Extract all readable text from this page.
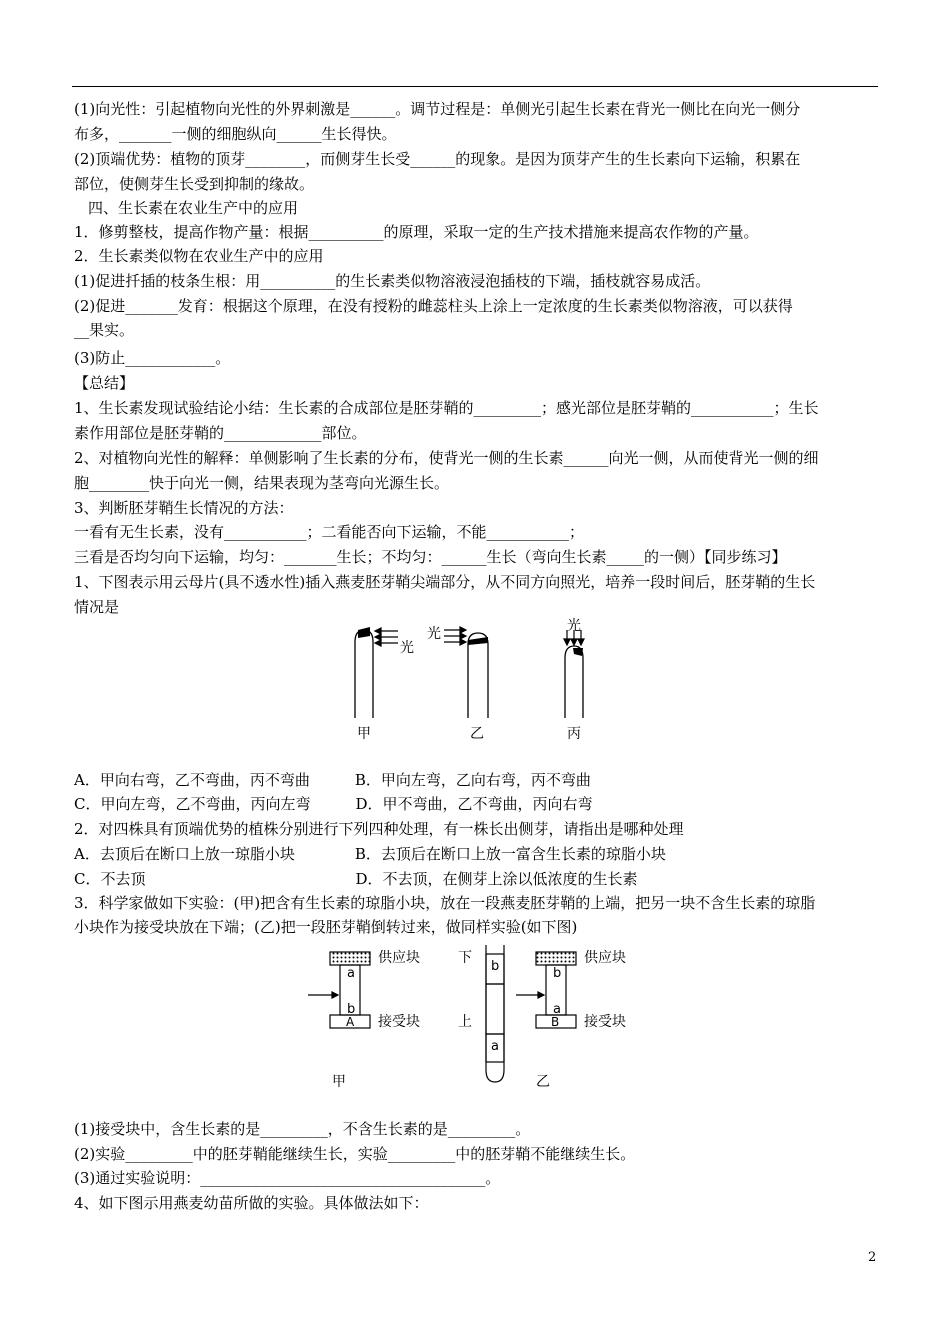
(1)向光性：引起植物向光性的外界刺激是______。调节过程是：单侧光引起生长素在背光一侧比在向光一侧分
布多，_______一侧的细胞纵向______生长得快。
(2)顶端优势：植物的顶芽________，而侧芽生长受______的现象。是因为顶芽产生的生长素向下运输，积累在
部位，使侧芽生长受到抑制的缘故。
四、生长素在农业生产中的应用
1．修剪整枝，提高作物产量：根据__________的原理，采取一定的生产技术措施来提高农作物的产量。
2．生长素类似物在农业生产中的应用
(1)促进扦插的枝条生根：用__________的生长素类似物溶液浸泡插枝的下端，插枝就容易成活。
(2)促进_______发育：根据这个原理，在没有授粉的雌蕊柱头上涂上一定浓度的生长素类似物溶液，可以获得
__果实。
(3)防止____________。
【总结】
1、生长素发现试验结论小结：生长素的合成部位是胚芽鞘的_________；感光部位是胚芽鞘的___________；生长
素作用部位是胚芽鞘的_____________部位。
2、对植物向光性的解释：单侧影响了生长素的分布，使背光一侧的生长素______向光一侧，从而使背光一侧的细
胞________快于向光一侧，结果表现为茎弯向光源生长。
3、判断胚芽鞘生长情况的方法：
一看有无生长素，没有___________；二看能否向下运输，不能___________；
三看是否均匀向下运输，均匀：_______生长；不均匀：______生长（弯向生长素_____的一侧）【同步练习】
1、下图表示用云母片(具不透水性)插入燕麦胚芽鞘尖端部分，从不同方向照光，培养一段时间后，胚芽鞘的生长
情况是
光
光	光
甲	乙	丙
A．甲向右弯，乙不弯曲，丙不弯曲　　　B．甲向左弯，乙向右弯，丙不弯曲
C．甲向左弯，乙不弯曲，丙向左弯　　　D．甲不弯曲，乙不弯曲，丙向右弯
2．对四株具有顶端优势的植株分别进行下列四种处理，有一株长出侧芽，请指出是哪种处理
A．去顶后在断口上放一琼脂小块　　　　B．去顶后在断口上放一富含生长素的琼脂小块
C．不去顶　　　　　　　　　　　　　　D．不去顶，在侧芽上涂以低浓度的生长素
3．科学家做如下实验：(甲)把含有生长素的琼脂小块，放在一段燕麦胚芽鞘的上端，把另一块不含生长素的琼脂
小块作为接受块放在下端；(乙)把一段胚芽鞘倒转过来，做同样实验(如下图)
a
b
A
供应块
接受块
下
上
b
a
b
a
B
供应块
接受块
甲	乙
(1)接受块中，含生长素的是_________，不含生长素的是_________。
(2)实验_________中的胚芽鞘能继续生长，实验_________中的胚芽鞘不能继续生长。
(3)通过实验说明：______________________________________。
4、如下图示用燕麦幼苗所做的实验。具体做法如下：
2
